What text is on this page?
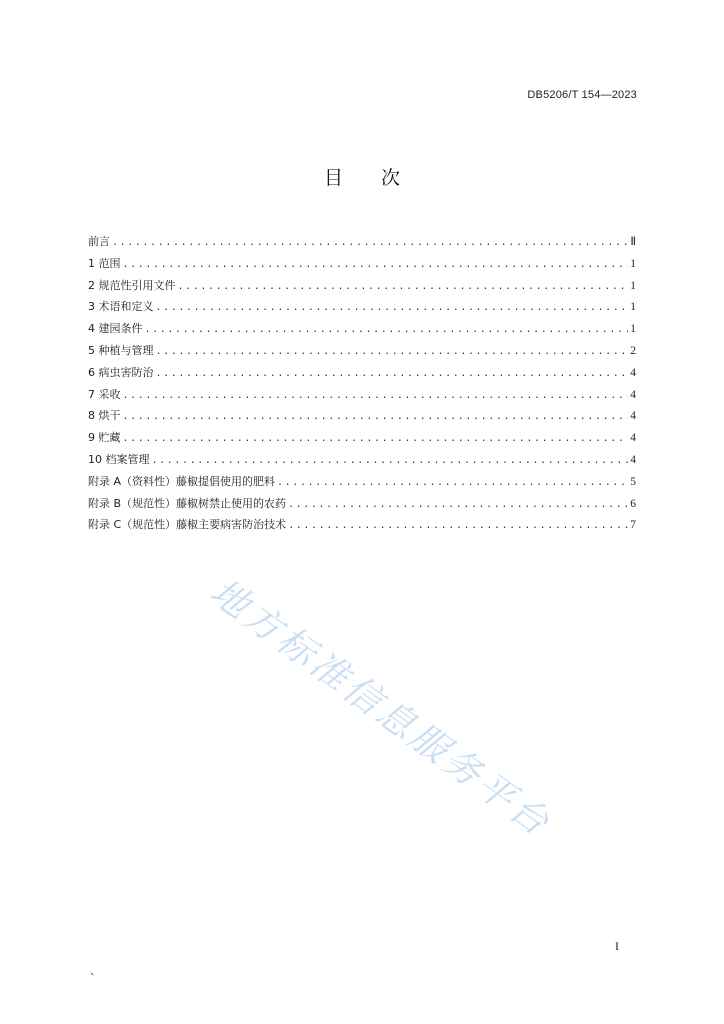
DB5206/T 154—2023
目 次
前言 .....	Ⅱ
1 范围 .....	1
2 规范性引用文件 .....	1
3 术语和定义 .....	1
4 建园条件 .....	1
5 种植与管理 .....	2
6 病虫害防治 .....	4
7 采收 .....	4
8 烘干 .....	4
9 贮藏 .....	4
10 档案管理 .....	4
附录 A（资料性）藤椒提倡使用的肥料 .....	5
附录 B（规范性）藤椒树禁止使用的农药 .....	6
附录 C（规范性）藤椒主要病害防治技术 .....	7
地方标准信息服务平台
I
、
